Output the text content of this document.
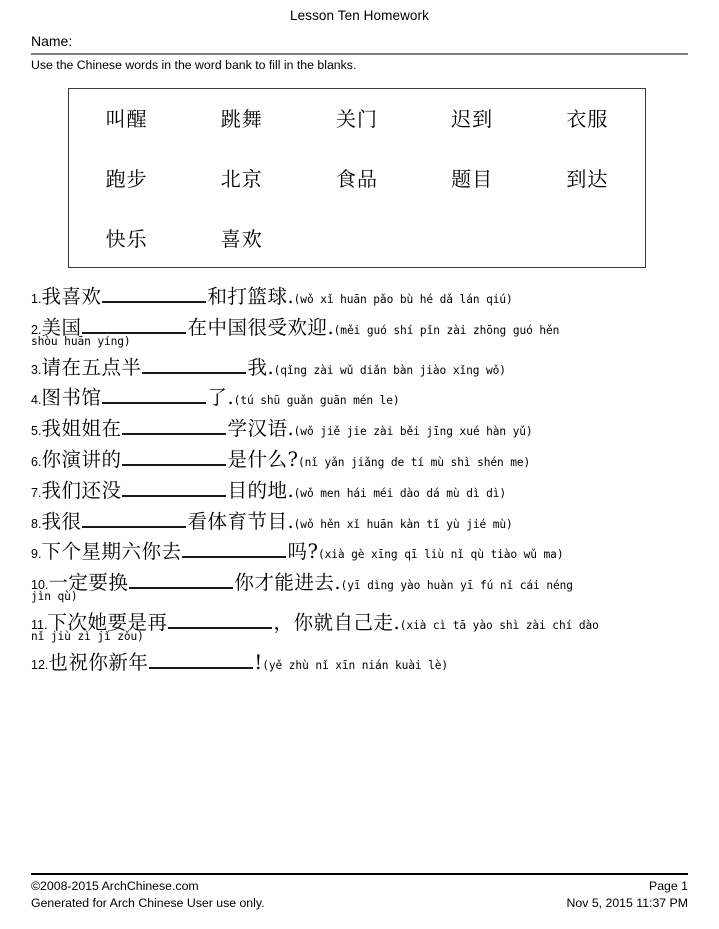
Lesson Ten Homework
Name:
Use the Chinese words in the word bank to fill in the blanks.
叫醒	跳舞	关门	迟到	衣服
跑步	北京	食品	题目	到达
快乐	喜欢
1.我喜欢	和打篮球.(wǒ xǐ huān pǎo bù hé dǎ lán qiú)
2.美国	在中国很受欢迎.(měi guó shí pǐn zài zhōng guó hěn
shòu huān yíng)
3.请在五点半	我.(qǐng zài wǔ diǎn bàn jiào xǐng wǒ)
4.图书馆	了.(tú shū guǎn guān mén le)
5.我姐姐在	学汉语.(wǒ jiě jie zài běi jīng xué hàn yǔ)
6.你演讲的	是什么?(nǐ yǎn jiǎng de tí mù shì shén me)
7.我们还没	目的地.(wǒ men hái méi dào dá mù dì dì)
8.我很	看体育节目.(wǒ hěn xǐ huān kàn tǐ yù jié mù)
9.下个星期六你去	吗?(xià gè xīng qī liù nǐ qù tiào wǔ ma)
10.一定要换	你才能进去.(yī dìng yào huàn yī fú nǐ cái néng
jìn qù)
11.下次她要是再	，你就自己走.(xià cì tā yào shì zài chí dào
nǐ jiù zì jǐ zǒu)
12.也祝你新年	!(yě zhù nǐ xīn nián kuài lè)
©2008-2015 ArchChinese.com	Page 1
Generated for Arch Chinese User use only.	Nov 5, 2015 11:37 PM
